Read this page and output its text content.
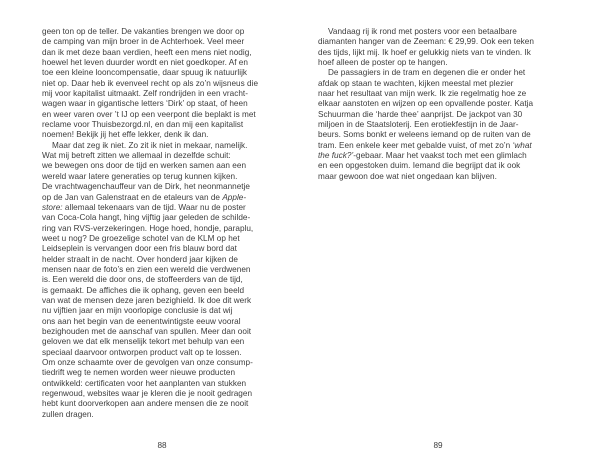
geen ton op de teller. De vakanties brengen we door op
de camping van mijn broer in de Achterhoek. Veel meer
dan ik met deze baan verdien, heeft een mens niet nodig,
hoewel het leven duurder wordt en niet goedkoper. Af en
toe een kleine looncompensatie, daar spuug ik natuurlijk
niet op. Daar heb ik evenveel recht op als zo’n wijsneus die
mij voor kapitalist uitmaakt. Zelf rondrijden in een vracht-
wagen waar in gigantische letters ‘Dirk’ op staat, of heen
en weer varen over ’t IJ op een veerpont die beplakt is met
reclame voor Thuisbezorgd.nl, en dan mij een kapitalist
noemen! Bekijk jij het effe lekker, denk ik dan.
Maar dat zeg ik niet. Zo zit ik niet in mekaar, namelijk.
Wat mij betreft zitten we allemaal in dezelfde schuit:
we bewegen ons door de tijd en werken samen aan een
wereld waar latere generaties op terug kunnen kijken.
De vrachtwagenchauffeur van de Dirk, het neonmannetje
op de Jan van Galenstraat en de etaleurs van de Apple-
store: allemaal tekenaars van de tijd. Waar nu de poster
van Coca-Cola hangt, hing vijftig jaar geleden de schilde-
ring van RVS-verzekeringen. Hoge hoed, hondje, paraplu,
weet u nog? De groezelige schotel van de KLM op het
Leidseplein is vervangen door een fris blauw bord dat
helder straalt in de nacht. Over honderd jaar kijken de
mensen naar de foto’s en zien een wereld die verdwenen
is. Een wereld die door ons, de stoffeerders van de tijd,
is gemaakt. De affiches die ik ophang, geven een beeld
van wat de mensen deze jaren bezighield. Ik doe dit werk
nu vijftien jaar en mijn voorlopige conclusie is dat wij
ons aan het begin van de eenentwintigste eeuw vooral
bezighouden met de aanschaf van spullen. Meer dan ooit
geloven we dat elk menselijk tekort met behulp van een
speciaal daarvoor ontworpen product valt op te lossen.
Om onze schaamte over de gevolgen van onze consump-
tiedrift weg te nemen worden weer nieuwe producten
ontwikkeld: certificaten voor het aanplanten van stukken
regenwoud, websites waar je kleren die je nooit gedragen
hebt kunt doorverkopen aan andere mensen die ze nooit
zullen dragen.
Vandaag rij ik rond met posters voor een betaalbare
diamanten hanger van de Zeeman: € 29,99. Ook een teken
des tijds, lijkt mij. Ik hoef er gelukkig niets van te vinden. Ik
hoef alleen de poster op te hangen.
De passagiers in de tram en degenen die er onder het
afdak op staan te wachten, kijken meestal met plezier
naar het resultaat van mijn werk. Ik zie regelmatig hoe ze
elkaar aanstoten en wijzen op een opvallende poster. Katja
Schuurman die ‘harde thee’ aanprijst. De jackpot van 30
miljoen in de Staatsloterij. Een erotiekfestijn in de Jaar-
beurs. Soms bonkt er weleens iemand op de ruiten van de
tram. Een enkele keer met gebalde vuist, of met zo’n ‘what
the fuck?’-gebaar. Maar het vaakst toch met een glimlach
en een opgestoken duim. Iemand die begrijpt dat ik ook
maar gewoon doe wat niet ongedaan kan blijven.
88	89
